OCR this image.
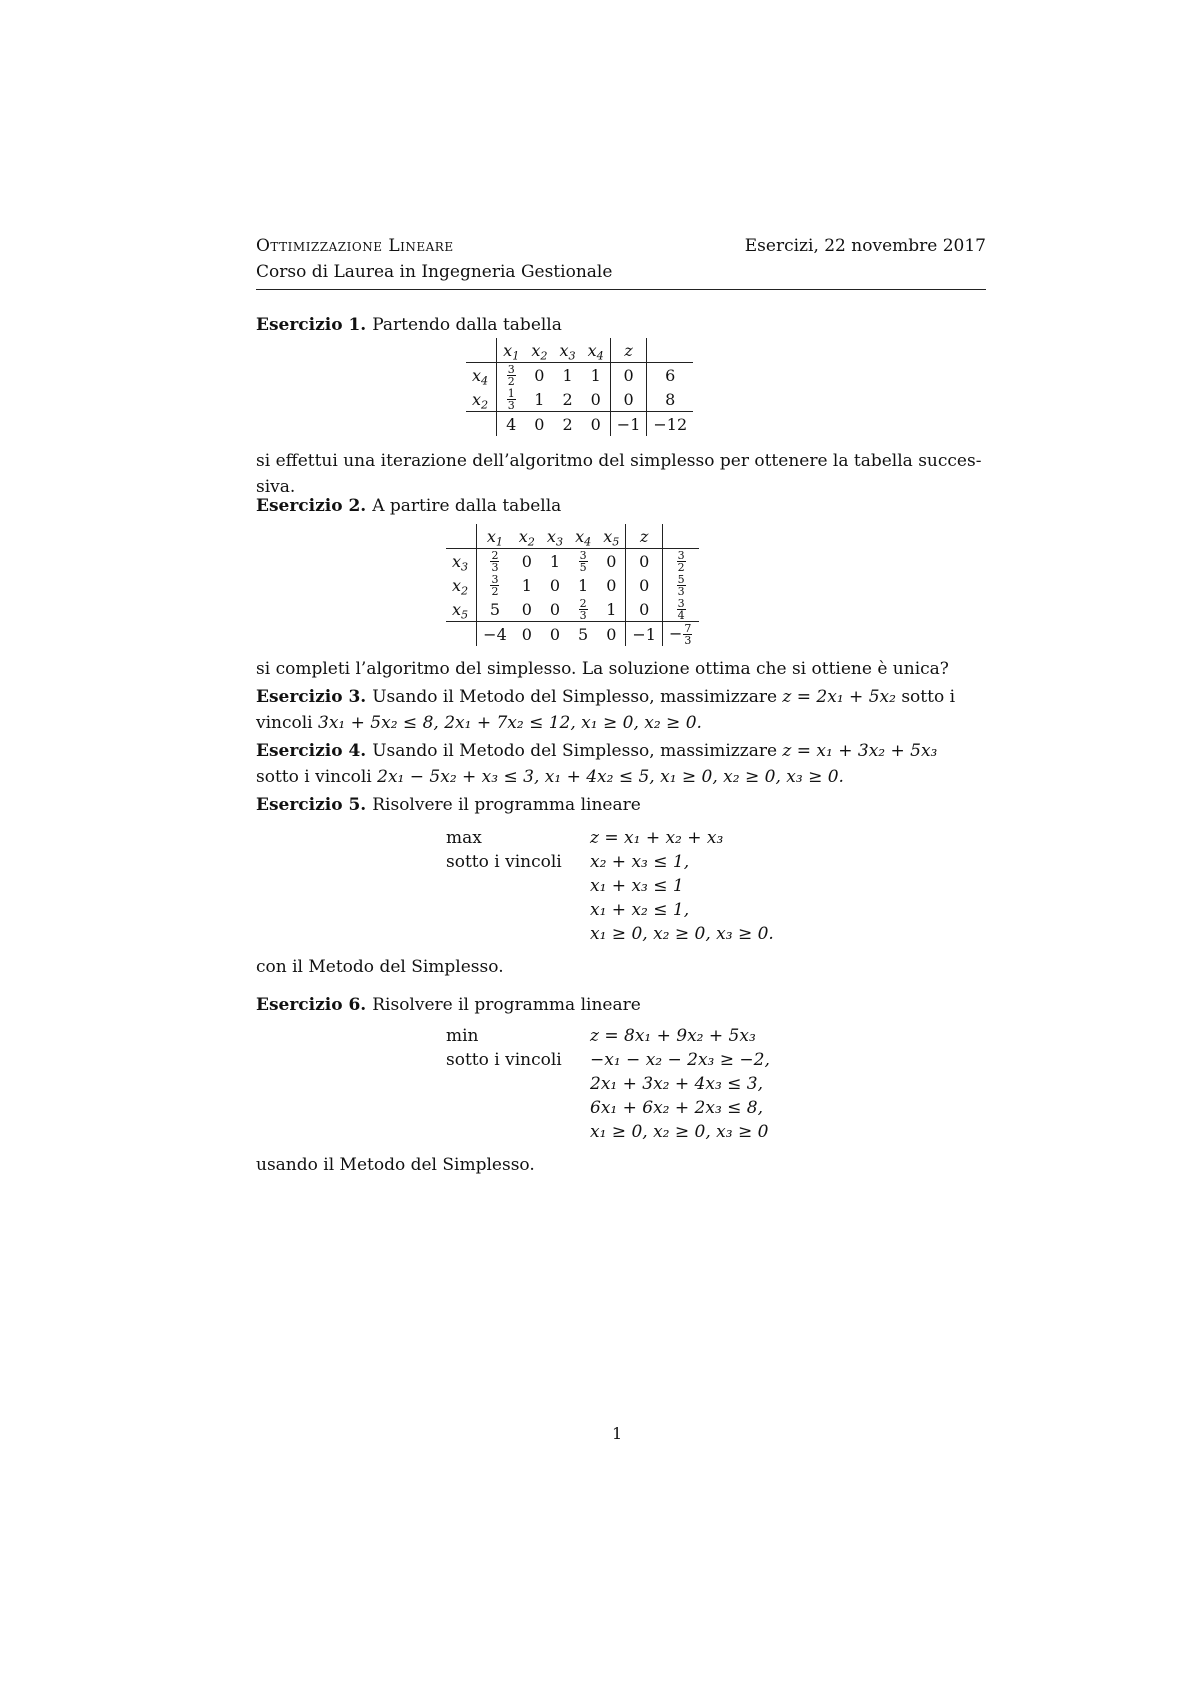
Ottimizzazione Lineare	Esercizi, 22 novembre 2017
Corso di Laurea in Ingegneria Gestionale
Esercizio 1. Partendo dalla tabella
	$x_1$	$x_2$	$x_3$	$x_4$	z	
$x_4$	$\frac{3}{2}$	0	1	1	0	6
$x_2$	$\frac{1}{3}$	1	2	0	0	8
	4	0	2	0	−1	−12
si effettui una iterazione dell’algoritmo del simplesso per ottenere la tabella succes-
siva.
Esercizio 2. A partire dalla tabella
	$x_1$	$x_2$	$x_3$	$x_4$	$x_5$	z	
$x_3$	$\frac{2}{3}$	0	1	$\frac{3}{5}$	0	0	$\frac{3}{2}$

$x_2$	$\frac{3}{2}$	1	0	1	0	0	$\frac{5}{3}$

$x_5$	5	0	0	$\frac{2}{3}$	1	0	$\frac{3}{4}$

	−4	0	0	5	0	−1	− $\frac{7}{3}$
si completi l’algoritmo del simplesso. La soluzione ottima che si ottiene è unica?
Esercizio 3. Usando il Metodo del Simplesso, massimizzare z = 2x₁ + 5x₂ sotto i
vincoli 3x₁ + 5x₂ ≤ 8, 2x₁ + 7x₂ ≤ 12, x₁ ≥ 0, x₂ ≥ 0.
Esercizio 4. Usando il Metodo del Simplesso, massimizzare z = x₁ + 3x₂ + 5x₃
sotto i vincoli 2x₁ − 5x₂ + x₃ ≤ 3, x₁ + 4x₂ ≤ 5, x₁ ≥ 0, x₂ ≥ 0, x₃ ≥ 0.
Esercizio 5. Risolvere il programma lineare
max	z = x₁ + x₂ + x₃
sotto i vincoli x₂ + x₃ ≤ 1,
x₁ + x₃ ≤ 1
x₁ + x₂ ≤ 1,
x₁ ≥ 0, x₂ ≥ 0, x₃ ≥ 0.
con il Metodo del Simplesso.
Esercizio 6. Risolvere il programma lineare
min	z = 8x₁ + 9x₂ + 5x₃
sotto i vincoli −x₁ − x₂ − 2x₃ ≥ −2,
2x₁ + 3x₂ + 4x₃ ≤ 3,
6x₁ + 6x₂ + 2x₃ ≤ 8,
x₁ ≥ 0, x₂ ≥ 0, x₃ ≥ 0
usando il Metodo del Simplesso.
1
